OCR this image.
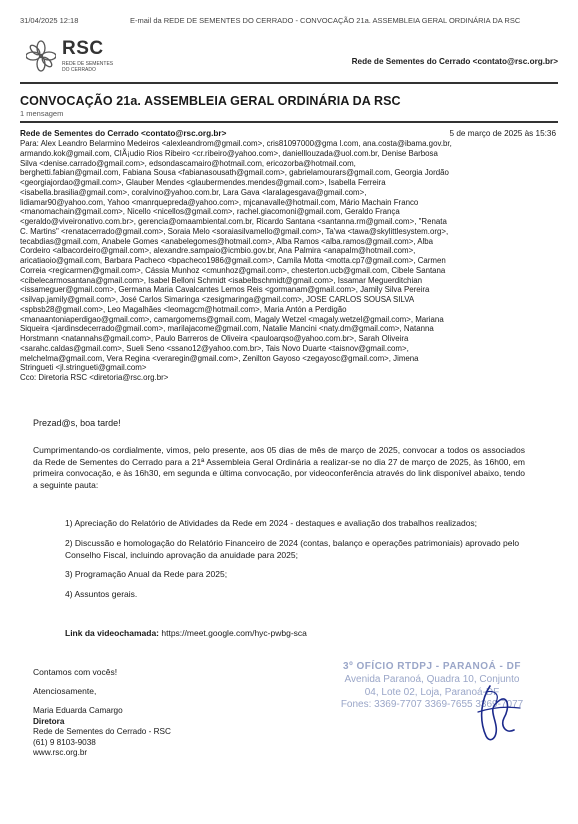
31/04/2025 12:18	E-mail da REDE DE SEMENTES DO CERRADO - CONVOCAÇÃO 21a. ASSEMBLEIA GERAL ORDINÁRIA DA RSC
RSC
REDE DE SEMENTES
DO CERRADO
Rede de Sementes do Cerrado <contato@rsc.org.br>
CONVOCAÇÃO 21a. ASSEMBLEIA GERAL ORDINÁRIA DA RSC
1 mensagem
Rede de Sementes do Cerrado <contato@rsc.org.br>	5 de março de 2025 às 15:36
Para: Alex Leandro Belarmino Medeiros <alexleandrom@gmail.com>, cris81097000@gma l.com, ana.costa@ibama.gov.br,
armando.kok@gmail.com, CIÃ¡udio Rios Ribeiro <cr.ribeiro@yahoo.com>, danielllouzada@uol.com.br, Denise Barbosa
Silva <denise.carrado@gmail.com>, edsondascamairo@hotmail.com, ericozorba@hotmail.com,
berghetti.fabian@gmail.com, Fabiana Sousa <fabianasousath@gmail.com>, gabrielamourars@gmail.com, Georgia Jordão
<georgiajordao@gmail.com>, Glauber Mendes <glaubermendes.mendes@gmail.com>, Isabella Ferreira
<isabella.brasilia@gmail.com>, coralvino@yahoo.com.br, Lara Gava <laralagesgava@gmail.com>,
lidiamar90@yahoo.com, Yahoo <manrquepreda@yahoo.com>, mjcanavalle@hotmail.com, Mário Machain Franco
<manomachain@gmail.com>, Nicello <nicellos@gmail.com>, rachel.giacomoni@gmail.com, Geraldo França
<geraldo@viveironativo.com.br>, gerencia@omaambiental.com.br, Ricardo Santana <santanna.rm@gmail.com>, "Renata
C. Martins" <renatacerrado@gmail.com>, Soraia Melo <soraiasilvamello@gmail.com>, Ta'wa <tawa@skylittlesystem.org>,
tecabdias@gmail.com, Anabele Gomes <anabelegomes@hotmail.com>, Alba Ramos <alba.ramos@gmail.com>, Alba
Cordeiro <albacordeiro@gmail.com>, alexandre.sampaio@icmbio.gov.br, Ana Palmira <anapalm@hotmail.com>,
aricatiaoio@gmail.com, Barbara Pacheco <bpacheco1986@gmail.com>, Camila Motta <motta.cp7@gmail.com>, Carmen
Correia <regicarmen@gmail.com>, Cássia Munhoz <cmunhoz@gmail.com>, chesterton.ucb@gmail.com, Cibele Santana
<cibelecarmosantana@gmail.com>, Isabel Belloni Schmidt <isabelbschmidt@gmail.com>, Issamar Meguerditchian
<issameguer@gmail.com>, Germana Maria Cavalcantes Lemos Reis <gormanam@gmail.com>, Jamily Silva Pereira
<silvap.jamily@gmail.com>, José Carlos Simaringa <zesigmaringa@gmail.com>, JOSE CARLOS SOUSA SILVA
<spbsb28@gmail.com>, Leo Magalhães <leomagcm@hotmail.com>, Maria Antón a Perdigão
<manaantoniaperdigao@gmail.com>, camargomems@gmail.com, Magaly Wetzel <magaly.wetzel@gmail.com>, Mariana
Siqueira <jardinsdecerrado@gmail.com>, marilajacome@gmail.com, Natalie Mancini <naty.dm@gmail.com>, Natanna
Horstmann <natannahs@gmail.com>, Paulo Barreros de Oliveira <pauloarqso@yahoo.com.br>, Sarah Oliveira
<sarahc.caldas@gmail.com>, Sueli Seno <ssano12@yahoo.com.br>, Tais Novo Duarte <taisnov@gmail.com>,
melchelma@gmail.com, Vera Regina <veraregin@gmail.com>, Zenilton Gayoso <zegayosc@gmail.com>, Jimena
Stringueti <jl.stringueti@gmail.com>
Cco: Diretoria RSC <diretoria@rsc.org.br>
Prezad@s, boa tarde!
Cumprimentando-os cordialmente, vimos, pelo presente, aos 05 dias de mês de março de 2025, convocar a todos os associados da Rede de Sementes do Cerrado para a 21ª Assembleia Geral Ordinária a realizar-se no dia 27 de março de 2025, às 16h00, em primeira convocação, e às 16h30, em segunda e última convocação, por videoconferência através do link disponível abaixo, tendo a seguinte pauta:
1) Apreciação do Relatório de Atividades da Rede em 2024 - destaques e avaliação dos trabalhos realizados;
2) Discussão e homologação do Relatório Financeiro de 2024 (contas, balanço e operações patrimoniais) aprovado pelo Conselho Fiscal, incluindo aprovação da anuidade para 2025;
3) Programação Anual da Rede para 2025;
4) Assuntos gerais.
Link da videochamada: https://meet.google.com/hyc-pwbg-sca
Contamos com vocês!
Atenciosamente,
Maria Eduarda Camargo
Diretora
Rede de Sementes do Cerrado - RSC
(61) 9 8103-9038
www.rsc.org.br
3º OFÍCIO RTDPJ - PARANOÁ - DF
Avenida Paranoá, Quadra 10, Conjunto
04, Lote 02, Loja, Paranoá-DF
Fones: 3369-7707 3369-7655 3369-7077
